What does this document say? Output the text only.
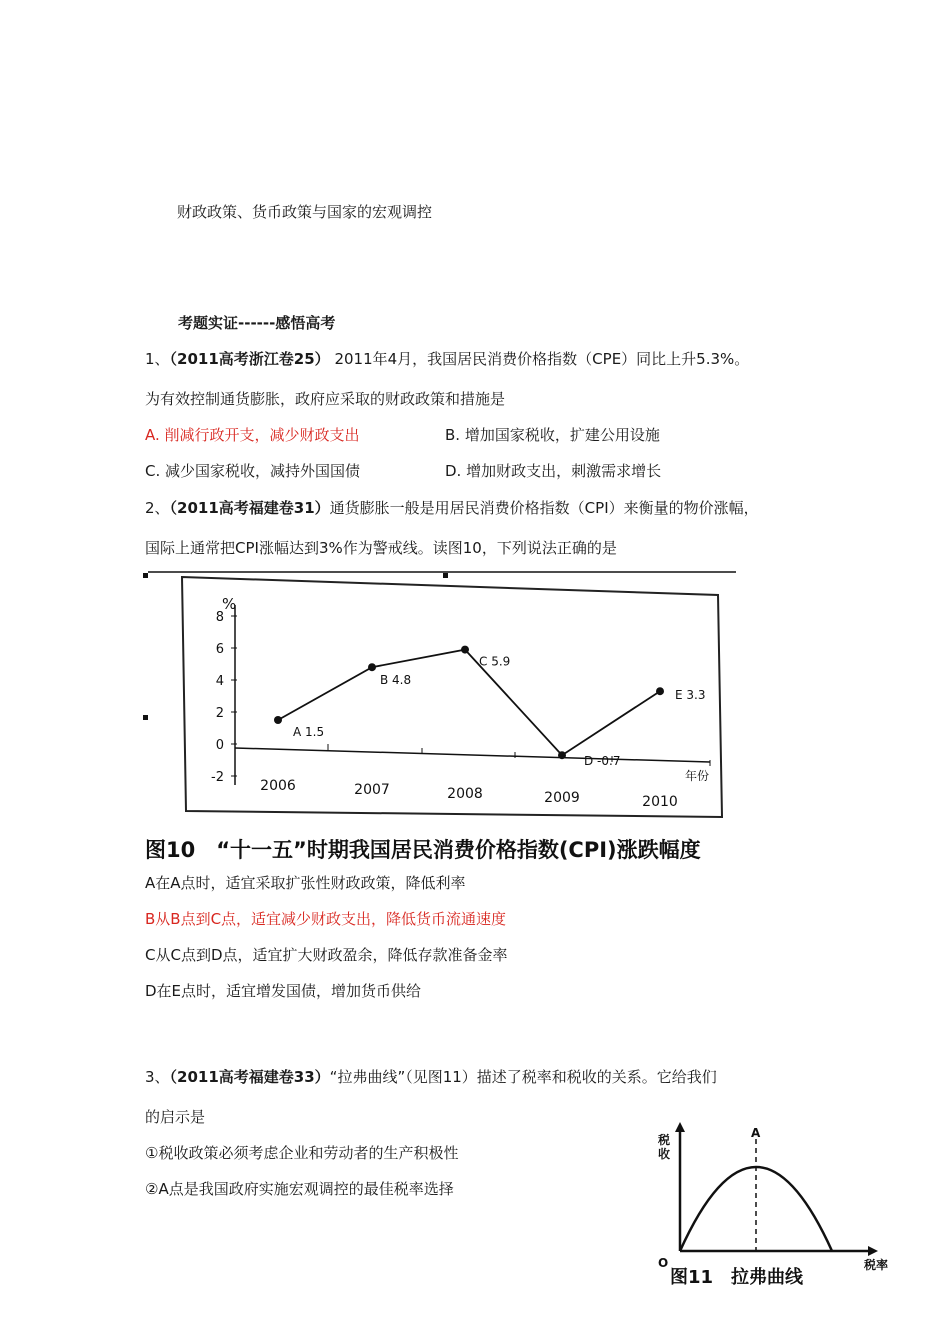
财政政策、货币政策与国家的宏观调控
考题实证------感悟高考
1、（2011高考浙江卷25） 2011年4月，我国居民消费价格指数（CPE）同比上升5.3%。
为有效控制通货膨胀，政府应采取的财政政策和措施是
A. 削减行政开支，减少财政支出	B. 增加国家税收，扩建公用设施
C. 减少国家税收，减持外国国债	D. 增加财政支出，刺激需求增长
2、（2011高考福建卷31）通货膨胀一般是用居民消费价格指数（CPI）来衡量的物价涨幅，
国际上通常把CPI涨幅达到3%作为警戒线。读图10，下列说法正确的是
%
8
6
4
2
0
-2
2006	2007	2008	2009	2010
年份
A 1.5
B 4.8
C 5.9
D -0.7
E 3.3
图10　“十一五”时期我国居民消费价格指数(CPI)涨跌幅度
A在A点时，适宜采取扩张性财政政策，降低利率
B从B点到C点，适宜减少财政支出，降低货币流通速度
C从C点到D点，适宜扩大财政盈余，降低存款准备金率
D在E点时，适宜增发国债，增加货币供给
3、（2011高考福建卷33）“拉弗曲线”（见图11）描述了税率和税收的关系。它给我们
的启示是
①税收政策必须考虑企业和劳动者的生产积极性
②A点是我国政府实施宏观调控的最佳税率选择
A
O
税收
税率
图11　拉弗曲线
